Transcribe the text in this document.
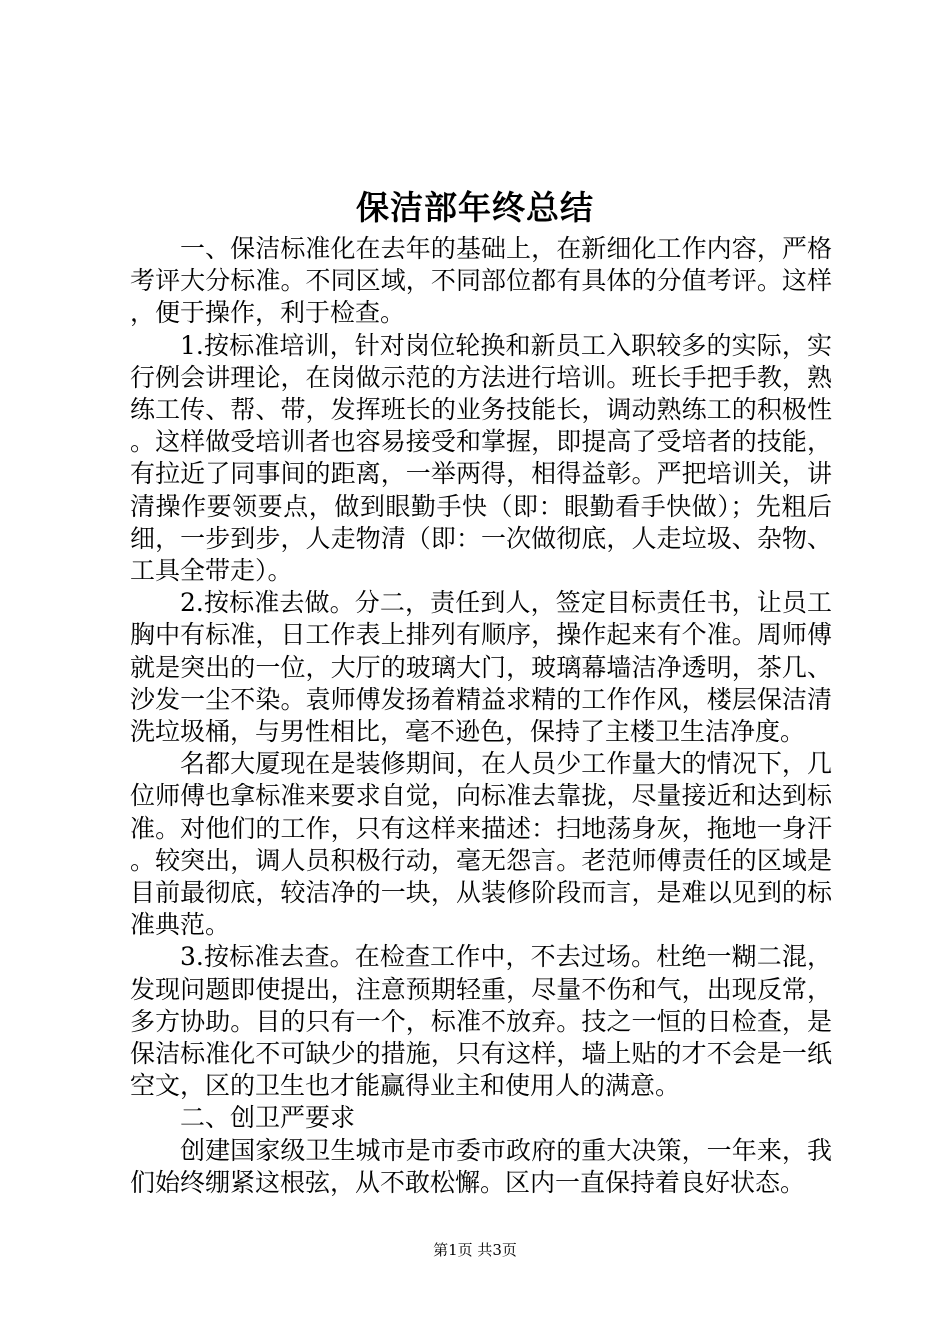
保洁部年终总结

一、保洁标准化在去年的基础上，在新细化工作内容，严格考评大分标准。不同区域，不同部位都有具体的分值考评。这样，便于操作，利于检查。

1.按标准培训，针对岗位轮换和新员工入职较多的实际，实行例会讲理论，在岗做示范的方法进行培训。班长手把手教，熟练工传、帮、带，发挥班长的业务技能长，调动熟练工的积极性。这样做受培训者也容易接受和掌握，即提高了受培者的技能，有拉近了同事间的距离，一举两得，相得益彰。严把培训关，讲清操作要领要点，做到眼勤手快（即：眼勤看手快做）；先粗后细，一步到步，人走物清（即：一次做彻底，人走垃圾、杂物、工具全带走）。

2.按标准去做。分二，责任到人，签定目标责任书，让员工胸中有标准，日工作表上排列有顺序，操作起来有个准。周师傅就是突出的一位，大厅的玻璃大门，玻璃幕墙洁净透明，茶几、沙发一尘不染。袁师傅发扬着精益求精的工作作风，楼层保洁清洗垃圾桶，与男性相比，毫不逊色，保持了主楼卫生洁净度。

名都大厦现在是装修期间，在人员少工作量大的情况下，几位师傅也拿标准来要求自觉，向标准去靠拢，尽量接近和达到标准。对他们的工作，只有这样来描述：扫地荡身灰，拖地一身汗。较突出，调人员积极行动，毫无怨言。老范师傅责任的区域是目前最彻底，较洁净的一块，从装修阶段而言，是难以见到的标准典范。

3.按标准去查。在检查工作中，不去过场。杜绝一糊二混，发现问题即使提出，注意预期轻重，尽量不伤和气，出现反常，多方协助。目的只有一个，标准不放弃。技之一恒的日检查，是保洁标准化不可缺少的措施，只有这样，墙上贴的才不会是一纸空文，区的卫生也才能赢得业主和使用人的满意。

二、创卫严要求

创建国家级卫生城市是市委市政府的重大决策，一年来，我们始终绷紧这根弦，从不敢松懈。区内一直保持着良好状态。

第1页 共3页
